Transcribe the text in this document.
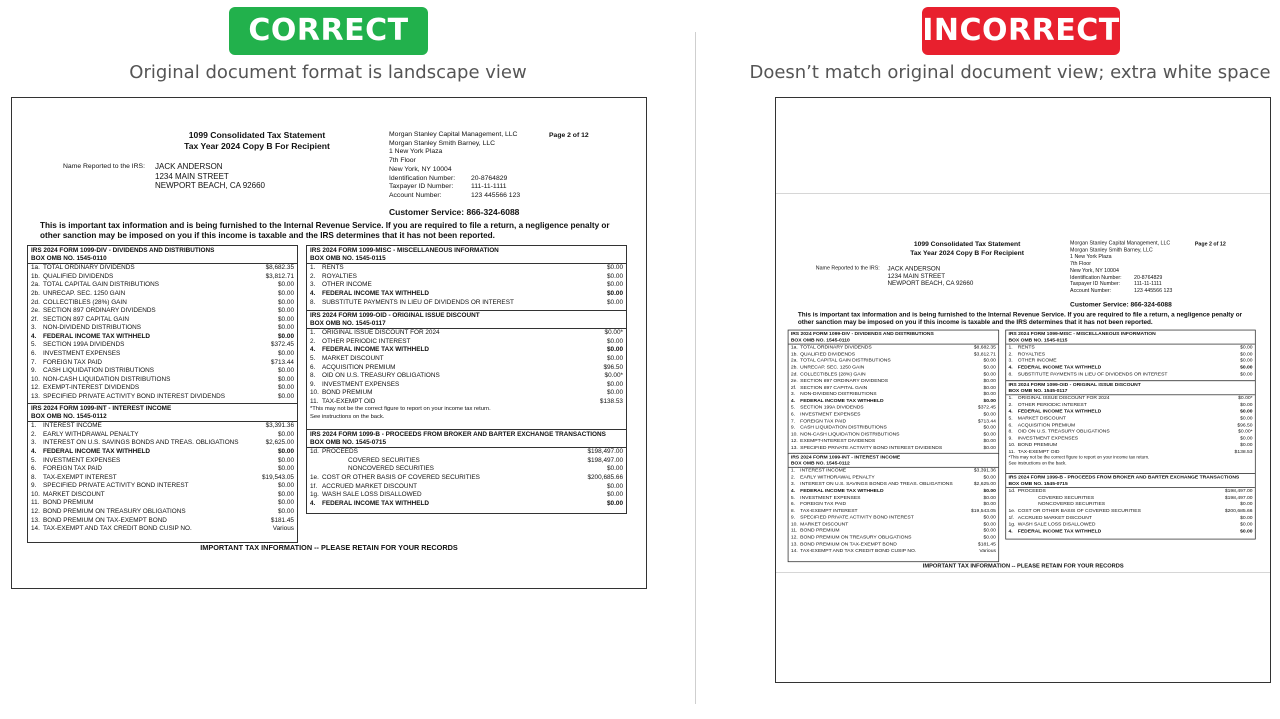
CORRECT
Original document format is landscape view
INCORRECT
Doesn’t match original document view; extra white space
1099 Consolidated Tax Statement
Tax Year 2024 Copy B For Recipient
Page 2 of 12
Name Reported to the IRS: JACK ANDERSON
1234 MAIN STREET
NEWPORT BEACH, CA 92660
Morgan Stanley Capital Management, LLC
Morgan Stanley Smith Barney, LLC
1 New York Plaza
7th Floor
New York, NY 10004
Identification Number:	20-8764829
Taxpayer ID Number:	111-11-1111
Account Number:	123 445566 123
Customer Service: 866-324-6088
This is important tax information and is being furnished to the Internal Revenue Service. If you are required to file a return, a negligence penalty or other sanction may be imposed on you if this income is taxable and the IRS determines that it has not been reported.
IRS 2024 FORM 1099-DIV - DIVIDENDS AND DISTRIBUTIONS
BOX OMB NO. 1545-0110
1a. TOTAL ORDINARY DIVIDENDS	$8,682.35
1b. QUALIFIED DIVIDENDS	$3,812.71
2a. TOTAL CAPITAL GAIN DISTRIBUTIONS	$0.00
2b. UNRECAP. SEC. 1250 GAIN	$0.00
2d. COLLECTIBLES (28%) GAIN	$0.00
2e. SECTION 897 ORDINARY DIVIDENDS	$0.00
2f. SECTION 897 CAPITAL GAIN	$0.00
3.	NON-DIVIDEND DISTRIBUTIONS	$0.00
4.	FEDERAL INCOME TAX WITHHELD	$0.00
5.	SECTION 199A DIVIDENDS	$372.45
6.	INVESTMENT EXPENSES	$0.00
7.	FOREIGN TAX PAID	$713.44
9.	CASH LIQUIDATION DISTRIBUTIONS	$0.00
10. NON-CASH LIQUIDATION DISTRIBUTIONS	$0.00
12. EXEMPT-INTEREST DIVIDENDS	$0.00
13. SPECIFIED PRIVATE ACTIVITY BOND INTEREST DIVIDENDS	$0.00
IRS 2024 FORM 1099-INT - INTEREST INCOME
BOX OMB NO. 1545-0112
1.	INTEREST INCOME	$3,391.36
2.	EARLY WITHDRAWAL PENALTY	$0.00
3.	INTEREST ON U.S. SAVINGS BONDS AND TREAS. OBLIGATIONS	$2,625.00
4.	FEDERAL INCOME TAX WITHHELD	$0.00
5.	INVESTMENT EXPENSES	$0.00
6.	FOREIGN TAX PAID	$0.00
8.	TAX-EXEMPT INTEREST	$19,543.05
9.	SPECIFIED PRIVATE ACTIVITY BOND INTEREST	$0.00
10. MARKET DISCOUNT	$0.00
11. BOND PREMIUM	$0.00
12. BOND PREMIUM ON TREASURY OBLIGATIONS	$0.00
13. BOND PREMIUM ON TAX-EXEMPT BOND	$181.45
14. TAX-EXEMPT AND TAX CREDIT BOND CUSIP NO.	Various
IRS 2024 FORM 1099-MISC - MISCELLANEOUS INFORMATION
BOX OMB NO. 1545-0115
1.	RENTS	$0.00
2.	ROYALTIES	$0.00
3.	OTHER INCOME	$0.00
4.	FEDERAL INCOME TAX WITHHELD	$0.00
8.	SUBSTITUTE PAYMENTS IN LIEU OF DIVIDENDS OR INTEREST	$0.00
IRS 2024 FORM 1099-OID - ORIGINAL ISSUE DISCOUNT
BOX OMB NO. 1545-0117
1.	ORIGINAL ISSUE DISCOUNT FOR 2024	$0.00*
2.	OTHER PERIODIC INTEREST	$0.00
4.	FEDERAL INCOME TAX WITHHELD	$0.00
5.	MARKET DISCOUNT	$0.00
6.	ACQUISITION PREMIUM	$96.50
8.	OID ON U.S. TREASURY OBLIGATIONS	$0.00*
9.	INVESTMENT EXPENSES	$0.00
10. BOND PREMIUM	$0.00
11. TAX-EXEMPT OID	$138.53
*This may not be the correct figure to report on your income tax return.
See instructions on the back.
IRS 2024 FORM 1099-B - PROCEEDS FROM BROKER AND BARTER EXCHANGE TRANSACTIONS
BOX OMB NO. 1545-0715
1d. PROCEEDS	$198,497.00
COVERED SECURITIES	$198,497.00
NONCOVERED SECURITIES	$0.00
1e. COST OR OTHER BASIS OF COVERED SECURITIES	$200,685.66
1f. ACCRUED MARKET DISCOUNT	$0.00
1g. WASH SALE LOSS DISALLOWED	$0.00
4.	FEDERAL INCOME TAX WITHHELD	$0.00
IMPORTANT TAX INFORMATION -- PLEASE RETAIN FOR YOUR RECORDS
1099 Consolidated Tax Statement
Tax Year 2024 Copy B For Recipient
Page 2 of 12
Name Reported to the IRS: JACK ANDERSON
1234 MAIN STREET
NEWPORT BEACH, CA 92660
Morgan Stanley Capital Management, LLC
Morgan Stanley Smith Barney, LLC
1 New York Plaza
7th Floor
New York, NY 10004
Identification Number:	20-8764829
Taxpayer ID Number:	111-11-1111
Account Number:	123 445566 123
Customer Service: 866-324-6088
This is important tax information and is being furnished to the Internal Revenue Service. If you are required to file a return, a negligence penalty or other sanction may be imposed on you if this income is taxable and the IRS determines that it has not been reported.
IRS 2024 FORM 1099-DIV - DIVIDENDS AND DISTRIBUTIONS
BOX OMB NO. 1545-0110
1a. TOTAL ORDINARY DIVIDENDS	$8,682.35
1b. QUALIFIED DIVIDENDS	$3,812.71
2a. TOTAL CAPITAL GAIN DISTRIBUTIONS	$0.00
2b. UNRECAP. SEC. 1250 GAIN	$0.00
2d. COLLECTIBLES (28%) GAIN	$0.00
2e. SECTION 897 ORDINARY DIVIDENDS	$0.00
2f. SECTION 897 CAPITAL GAIN	$0.00
3. NON-DIVIDEND DISTRIBUTIONS	$0.00
4. FEDERAL INCOME TAX WITHHELD	$0.00
5. SECTION 199A DIVIDENDS	$372.45
6. INVESTMENT EXPENSES	$0.00
7. FOREIGN TAX PAID	$713.44
9. CASH LIQUIDATION DISTRIBUTIONS	$0.00
10. NON-CASH LIQUIDATION DISTRIBUTIONS	$0.00
12. EXEMPT-INTEREST DIVIDENDS	$0.00
13. SPECIFIED PRIVATE ACTIVITY BOND INTEREST DIVIDENDS	$0.00
IRS 2024 FORM 1099-INT - INTEREST INCOME
BOX OMB NO. 1545-0112
1. INTEREST INCOME	$3,391.36
2. EARLY WITHDRAWAL PENALTY	$0.00
3. INTEREST ON U.S. SAVINGS BONDS AND TREAS. OBLIGATIONS	$2,625.00
4. FEDERAL INCOME TAX WITHHELD	$0.00
5. INVESTMENT EXPENSES	$0.00
6. FOREIGN TAX PAID	$0.00
8. TAX-EXEMPT INTEREST	$19,543.05
9. SPECIFIED PRIVATE ACTIVITY BOND INTEREST	$0.00
10. MARKET DISCOUNT	$0.00
11. BOND PREMIUM	$0.00
12. BOND PREMIUM ON TREASURY OBLIGATIONS	$0.00
13. BOND PREMIUM ON TAX-EXEMPT BOND	$181.45
14. TAX-EXEMPT AND TAX CREDIT BOND CUSIP NO.	Various
IRS 2024 FORM 1099-MISC - MISCELLANEOUS INFORMATION
BOX OMB NO. 1545-0115
1. RENTS	$0.00
2. ROYALTIES	$0.00
3. OTHER INCOME	$0.00
4. FEDERAL INCOME TAX WITHHELD	$0.00
8. SUBSTITUTE PAYMENTS IN LIEU OF DIVIDENDS OR INTEREST	$0.00
IRS 2024 FORM 1099-OID - ORIGINAL ISSUE DISCOUNT
BOX OMB NO. 1545-0117
1. ORIGINAL ISSUE DISCOUNT FOR 2024	$0.00*
2. OTHER PERIODIC INTEREST	$0.00
4. FEDERAL INCOME TAX WITHHELD	$0.00
5. MARKET DISCOUNT	$0.00
6. ACQUISITION PREMIUM	$96.50
8. OID ON U.S. TREASURY OBLIGATIONS	$0.00*
9. INVESTMENT EXPENSES	$0.00
10. BOND PREMIUM	$0.00
11. TAX-EXEMPT OID	$138.53
*This may not be the correct figure to report on your income tax return.
See instructions on the back.
IRS 2024 FORM 1099-B - PROCEEDS FROM BROKER AND BARTER EXCHANGE TRANSACTIONS
BOX OMB NO. 1545-0715
1d. PROCEEDS	$198,497.00
COVERED SECURITIES	$198,497.00
NONCOVERED SECURITIES	$0.00
1e. COST OR OTHER BASIS OF COVERED SECURITIES	$200,685.66
1f. ACCRUED MARKET DISCOUNT	$0.00
1g. WASH SALE LOSS DISALLOWED	$0.00
4. FEDERAL INCOME TAX WITHHELD	$0.00
IMPORTANT TAX INFORMATION -- PLEASE RETAIN FOR YOUR RECORDS
